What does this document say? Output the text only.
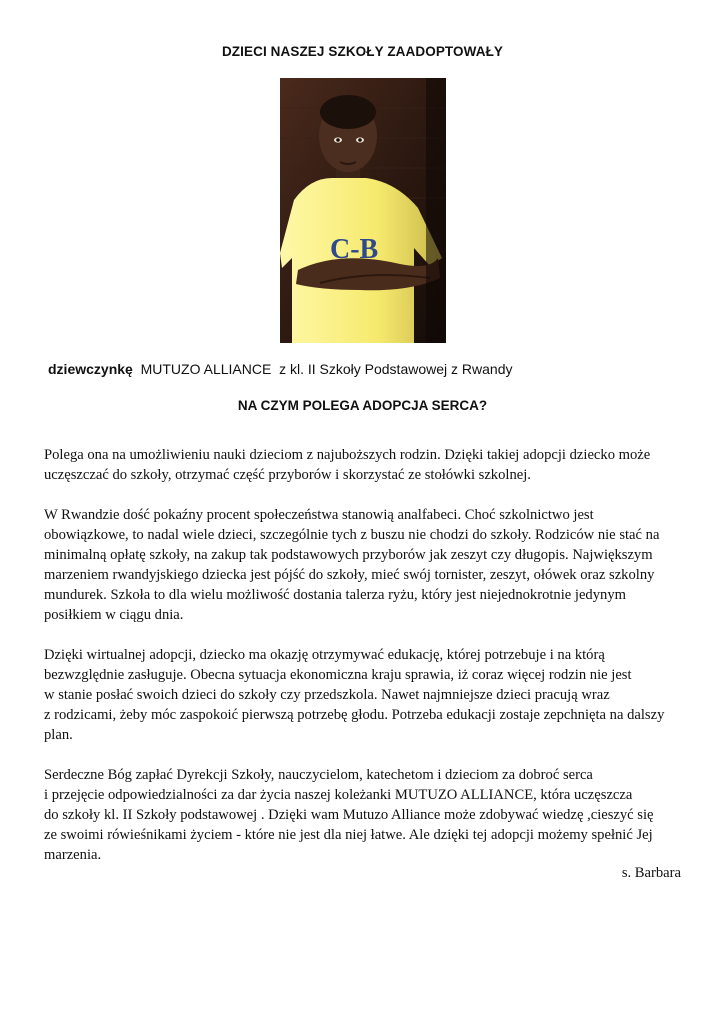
DZIECI NASZEJ SZKOŁY ZAADOPTOWAŁY
C-B
dziewczynkę  MUTUZO ALLIANCE  z kl. II Szkoły Podstawowej z Rwandy
NA CZYM POLEGA ADOPCJA SERCA?

Polega ona na umożliwieniu nauki dzieciom z najuboższych rodzin. Dzięki takiej adopcji dziecko może
uczęszczać do szkoły, otrzymać część przyborów i skorzystać ze stołówki szkolnej.

W Rwandzie dość pokaźny procent społeczeństwa stanowią analfabeci. Choć szkolnictwo jest
obowiązkowe, to nadal wiele dzieci, szczególnie tych z buszu nie chodzi do szkoły. Rodziców nie stać na
minimalną opłatę szkoły, na zakup tak podstawowych przyborów jak zeszyt czy długopis. Największym
marzeniem rwandyjskiego dziecka jest pójść do szkoły, mieć swój tornister, zeszyt, ołówek oraz szkolny
mundurek. Szkoła to dla wielu możliwość dostania talerza ryżu, który jest niejednokrotnie jedynym
posiłkiem w ciągu dnia.

Dzięki wirtualnej adopcji, dziecko ma okazję otrzymywać edukację, której potrzebuje i na którą
bezwzględnie zasługuje. Obecna sytuacja ekonomiczna kraju sprawia, iż coraz więcej rodzin nie jest
w stanie posłać swoich dzieci do szkoły czy przedszkola. Nawet najmniejsze dzieci pracują wraz
z rodzicami, żeby móc zaspokoić pierwszą potrzebę głodu. Potrzeba edukacji zostaje zepchnięta na dalszy
plan.

Serdeczne Bóg zapłać Dyrekcji Szkoły, nauczycielom, katechetom i dzieciom za dobroć serca
i przejęcie odpowiedzialności za dar życia naszej koleżanki MUTUZO ALLIANCE, która uczęszcza
do szkoły kl. II Szkoły podstawowej . Dzięki wam Mutuzo Alliance może zdobywać wiedzę ,cieszyć się
ze swoimi rówieśnikami życiem - które nie jest dla niej łatwe. Ale dzięki tej adopcji możemy spełnić Jej
marzenia.

s. Barbara
